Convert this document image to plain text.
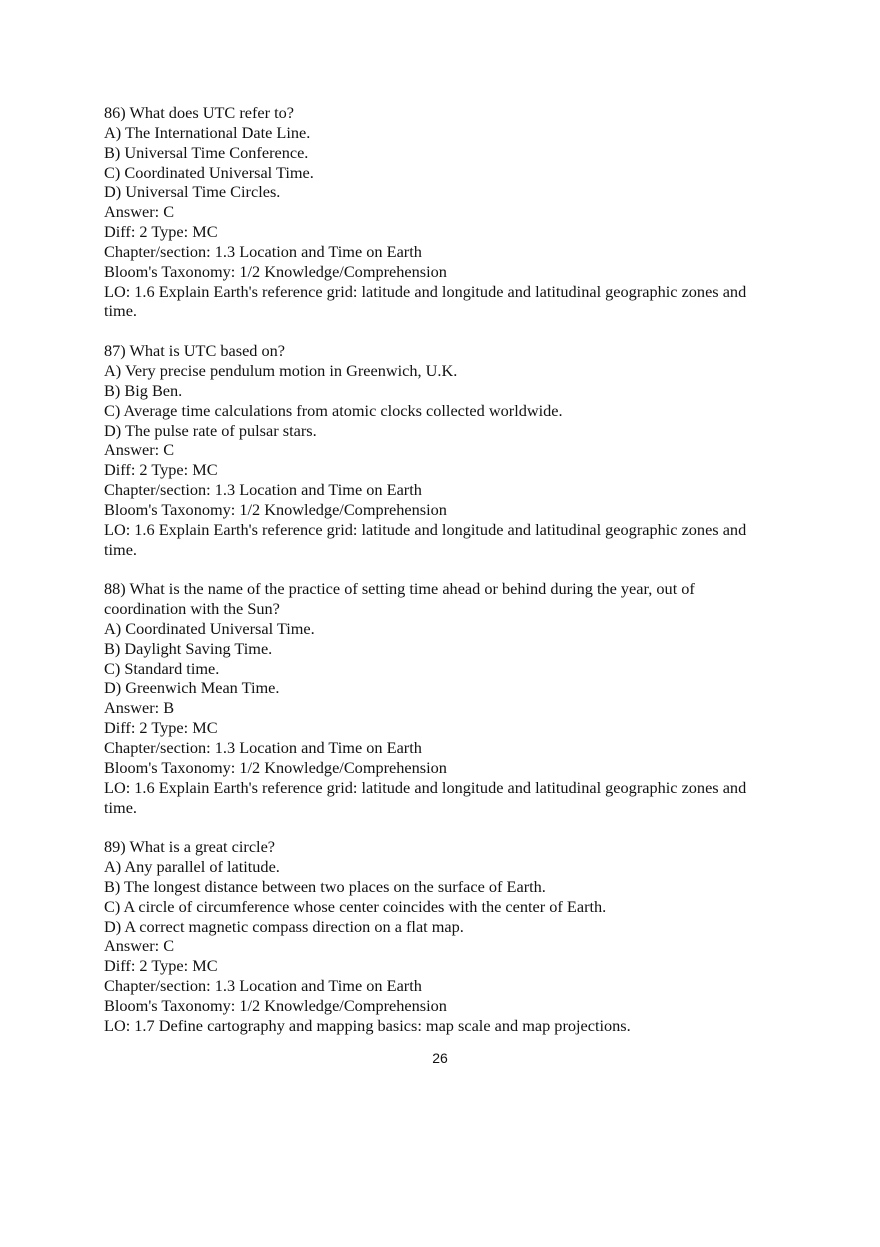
86) What does UTC refer to?
A) The International Date Line.
B) Universal Time Conference.
C) Coordinated Universal Time.
D) Universal Time Circles.
Answer: C
Diff: 2 Type: MC
Chapter/section: 1.3 Location and Time on Earth
Bloom's Taxonomy: 1/2 Knowledge/Comprehension
LO: 1.6 Explain Earth's reference grid: latitude and longitude and latitudinal geographic zones and time.
87) What is UTC based on?
A) Very precise pendulum motion in Greenwich, U.K.
B) Big Ben.
C) Average time calculations from atomic clocks collected worldwide.
D) The pulse rate of pulsar stars.
Answer: C
Diff: 2 Type: MC
Chapter/section: 1.3 Location and Time on Earth
Bloom's Taxonomy: 1/2 Knowledge/Comprehension
LO: 1.6 Explain Earth's reference grid: latitude and longitude and latitudinal geographic zones and time.
88) What is the name of the practice of setting time ahead or behind during the year, out of coordination with the Sun?
A) Coordinated Universal Time.
B) Daylight Saving Time.
C) Standard time.
D) Greenwich Mean Time.
Answer: B
Diff: 2 Type: MC
Chapter/section: 1.3 Location and Time on Earth
Bloom's Taxonomy: 1/2 Knowledge/Comprehension
LO: 1.6 Explain Earth's reference grid: latitude and longitude and latitudinal geographic zones and time.
89) What is a great circle?
A) Any parallel of latitude.
B) The longest distance between two places on the surface of Earth.
C) A circle of circumference whose center coincides with the center of Earth.
D) A correct magnetic compass direction on a flat map.
Answer: C
Diff: 2 Type: MC
Chapter/section: 1.3 Location and Time on Earth
Bloom's Taxonomy: 1/2 Knowledge/Comprehension
LO: 1.7 Define cartography and mapping basics: map scale and map projections.
26
